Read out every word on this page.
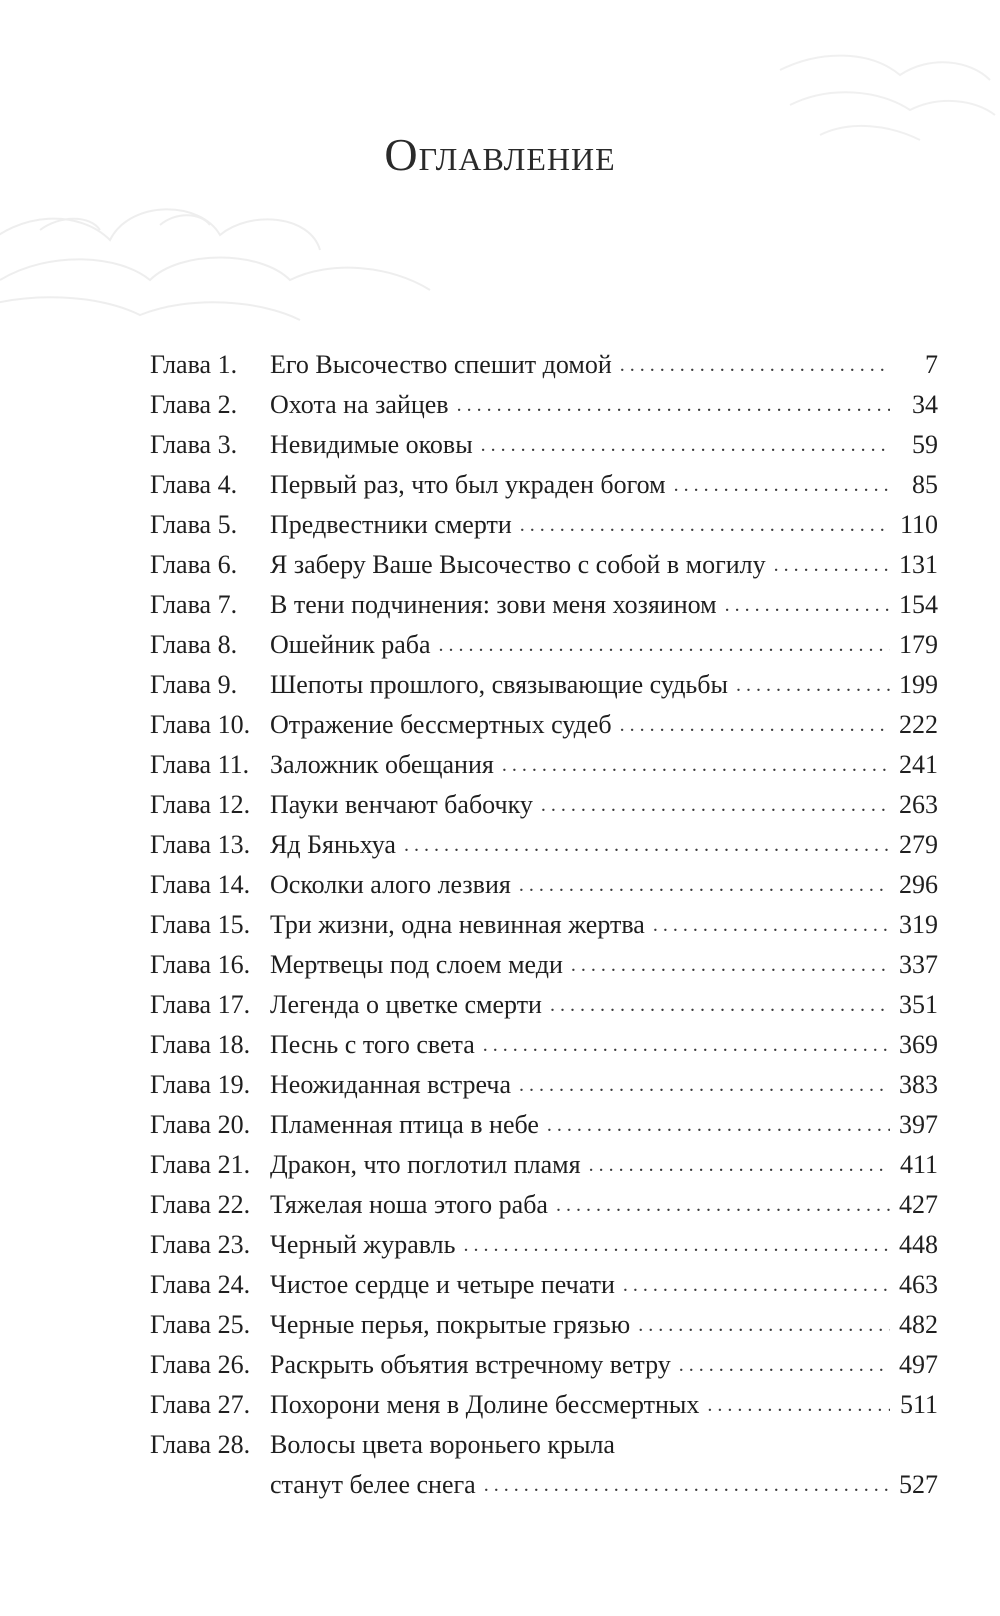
Оглавление
Глава 1.	Его Высочество спешит домой . . .	7
Глава 2.	Охота на зайцев . . .	34
Глава 3.	Невидимые оковы . . .	59
Глава 4.	Первый раз, что был украден богом . . .	85
Глава 5.	Предвестники смерти . . .	110
Глава 6.	Я заберу Ваше Высочество с собой в могилу . . .	131
Глава 7.	В тени подчинения: зови меня хозяином . . .	154
Глава 8.	Ошейник раба . . .	179
Глава 9.	Шепоты прошлого, связывающие судьбы . . .	199
Глава 10. Отражение бессмертных судеб . . .	222
Глава 11. Заложник обещания . . .	241
Глава 12. Пауки венчают бабочку . . .	263
Глава 13. Яд Бяньхуа . . .	279
Глава 14. Осколки алого лезвия . . .	296
Глава 15. Три жизни, одна невинная жертва . . .	319
Глава 16. Мертвецы под слоем меди . . .	337
Глава 17. Легенда о цветке смерти . . .	351
Глава 18. Песнь с того света . . .	369
Глава 19. Неожиданная встреча . . .	383
Глава 20. Пламенная птица в небе . . .	397
Глава 21. Дракон, что поглотил пламя . . .	411
Глава 22. Тяжелая ноша этого раба . . .	427
Глава 23. Черный журавль . . .	448
Глава 24. Чистое сердце и четыре печати . . .	463
Глава 25. Черные перья, покрытые грязью . . .	482
Глава 26. Раскрыть объятия встречному ветру . . .	497
Глава 27. Похорони меня в Долине бессмертных . . .	511
Глава 28. Волосы цвета вороньего крыла
станут белее снега . . .	527
